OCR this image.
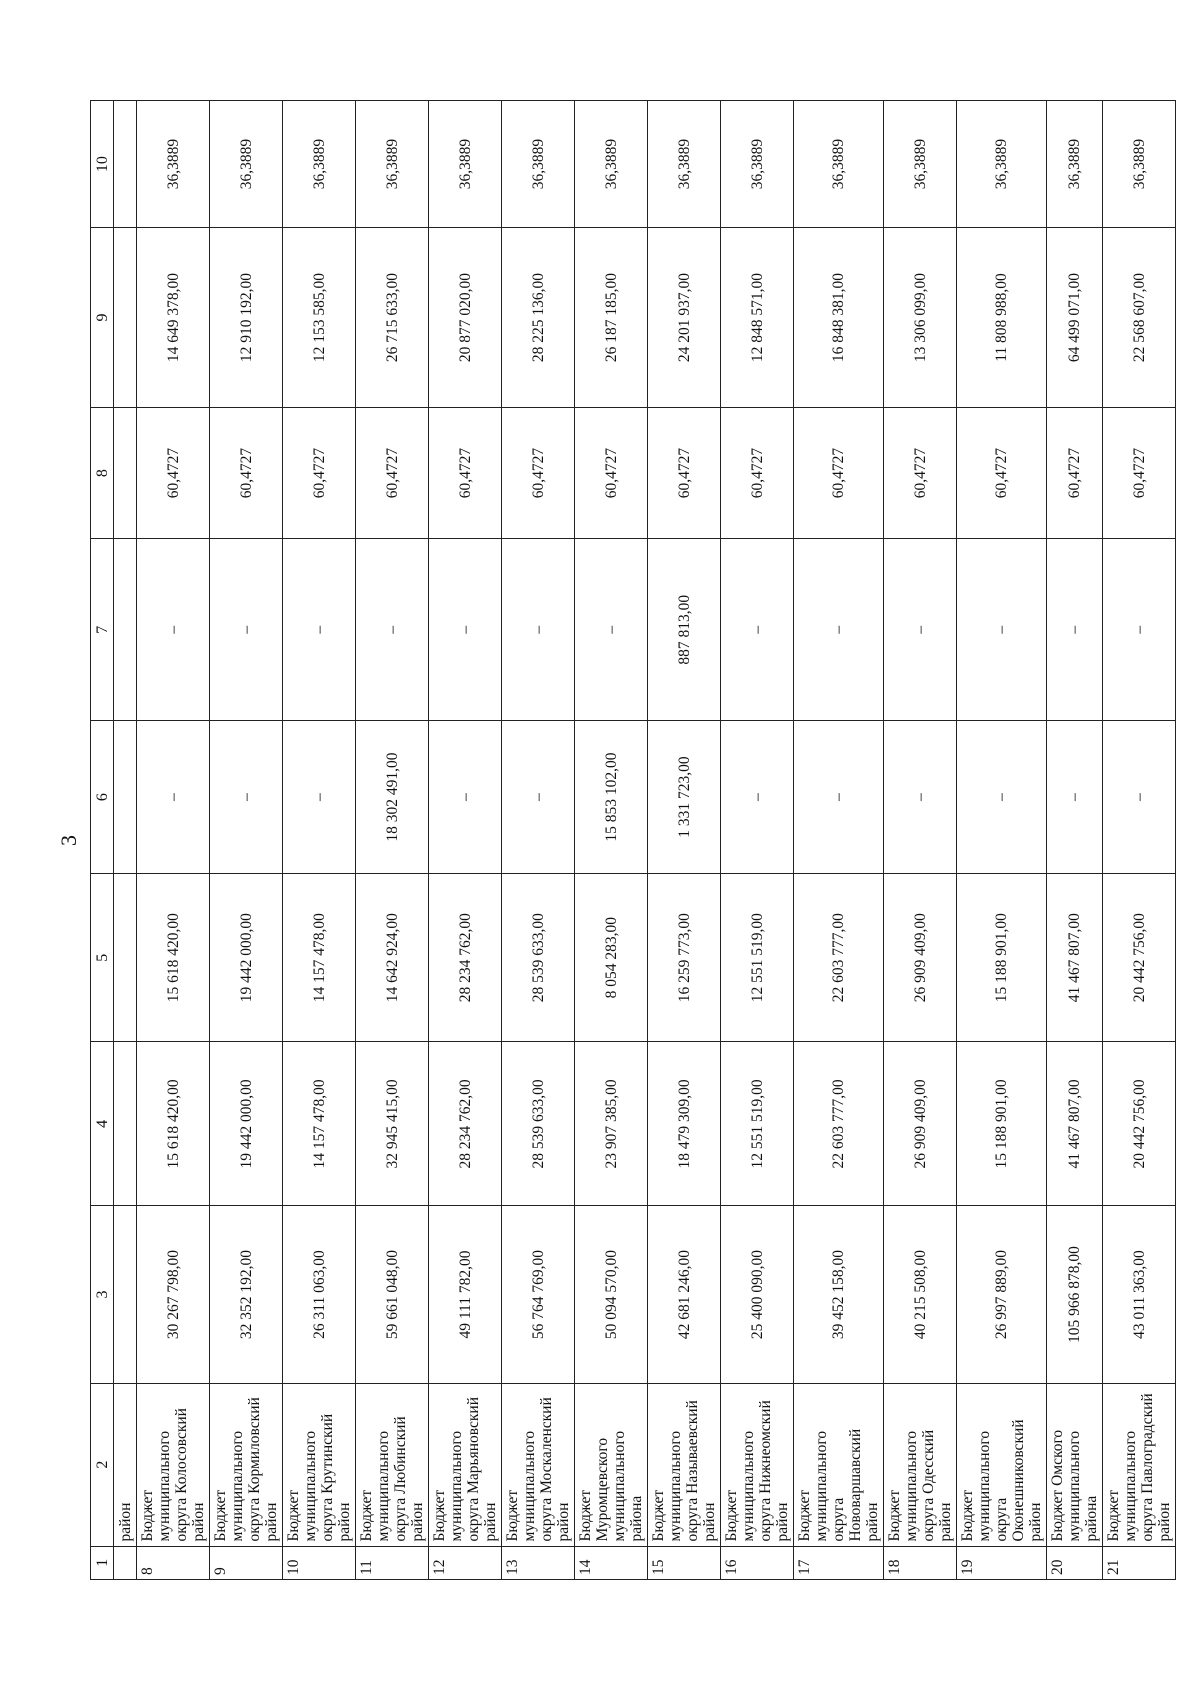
3
1	2	3	4	5	6	7	8	9	10
	район								
8	Бюджет муниципального округа Колосовский район	30 267 798,00	15 618 420,00	15 618 420,00	–	–	60,4727	14 649 378,00	36,3889
9	Бюджет муниципального округа Кормиловский район	32 352 192,00	19 442 000,00	19 442 000,00	–	–	60,4727	12 910 192,00	36,3889
10	Бюджет муниципального округа Крутинский район	26 311 063,00	14 157 478,00	14 157 478,00	–	–	60,4727	12 153 585,00	36,3889
11	Бюджет муниципального округа Любинский район	59 661 048,00	32 945 415,00	14 642 924,00	18 302 491,00	–	60,4727	26 715 633,00	36,3889
12	Бюджет муниципального округа Марьяновский район	49 111 782,00	28 234 762,00	28 234 762,00	–	–	60,4727	20 877 020,00	36,3889
13	Бюджет муниципального округа Москаленский район	56 764 769,00	28 539 633,00	28 539 633,00	–	–	60,4727	28 225 136,00	36,3889
14	Бюджет Муромцевского муниципального района	50 094 570,00	23 907 385,00	8 054 283,00	15 853 102,00	–	60,4727	26 187 185,00	36,3889
15	Бюджет муниципального округа Называевский район	42 681 246,00	18 479 309,00	16 259 773,00	1 331 723,00	887 813,00	60,4727	24 201 937,00	36,3889
16	Бюджет муниципального округа Нижнеомский район	25 400 090,00	12 551 519,00	12 551 519,00	–	–	60,4727	12 848 571,00	36,3889
17	Бюджет муниципального округа Нововаршавский район	39 452 158,00	22 603 777,00	22 603 777,00	–	–	60,4727	16 848 381,00	36,3889
18	Бюджет муниципального округа Одесский район	40 215 508,00	26 909 409,00	26 909 409,00	–	–	60,4727	13 306 099,00	36,3889
19	Бюджет муниципального округа Оконешниковский район	26 997 889,00	15 188 901,00	15 188 901,00	–	–	60,4727	11 808 988,00	36,3889
20	Бюджет Омского муниципального района	105 966 878,00	41 467 807,00	41 467 807,00	–	–	60,4727	64 499 071,00	36,3889
21	Бюджет муниципального округа Павлоградский район	43 011 363,00	20 442 756,00	20 442 756,00	–	–	60,4727	22 568 607,00	36,3889
